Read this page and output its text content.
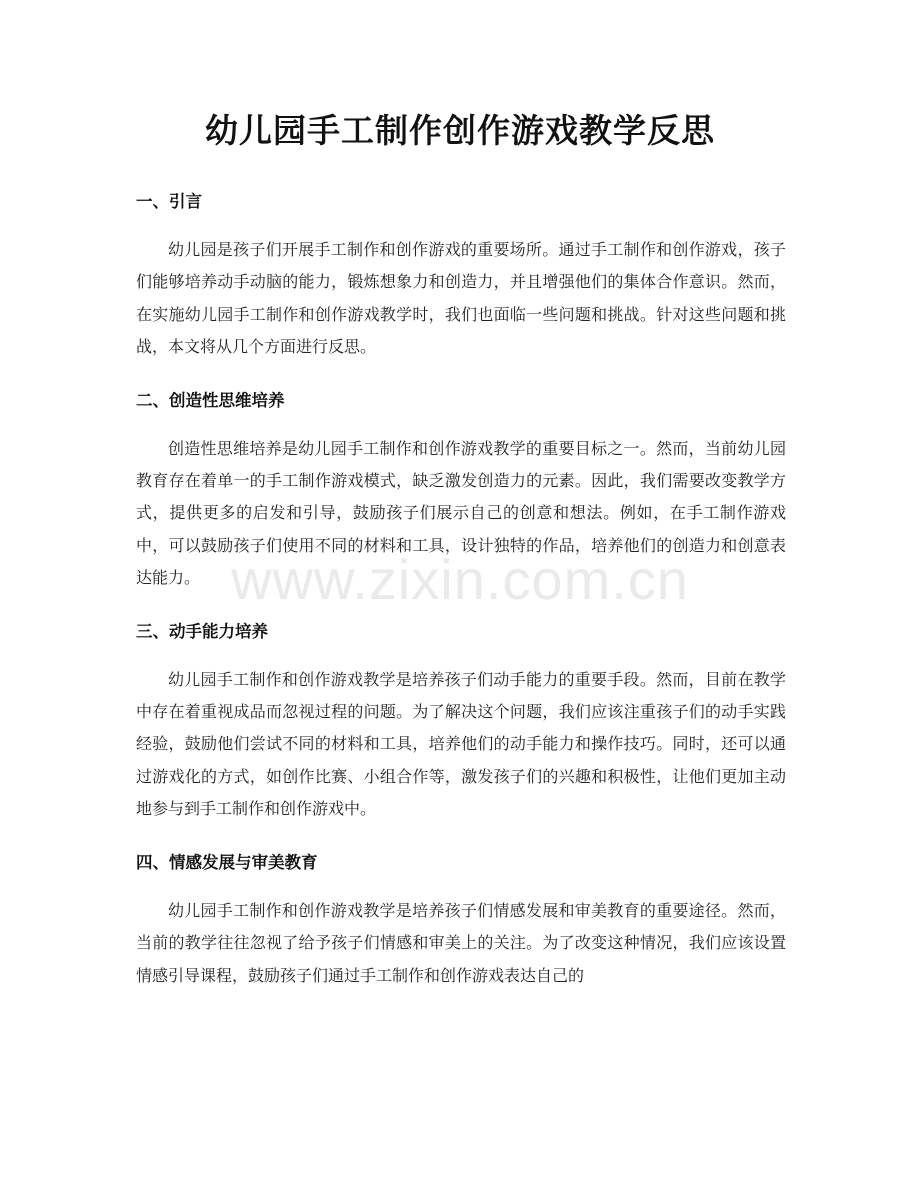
幼儿园手工制作创作游戏教学反思
一、引言

幼儿园是孩子们开展手工制作和创作游戏的重要场所。通过手工制作和创作游戏，孩子们能够培养动手动脑的能力，锻炼想象力和创造力，并且增强他们的集体合作意识。然而，在实施幼儿园手工制作和创作游戏教学时，我们也面临一些问题和挑战。针对这些问题和挑战，本文将从几个方面进行反思。

二、创造性思维培养

创造性思维培养是幼儿园手工制作和创作游戏教学的重要目标之一。然而，当前幼儿园教育存在着单一的手工制作游戏模式，缺乏激发创造力的元素。因此，我们需要改变教学方式，提供更多的启发和引导，鼓励孩子们展示自己的创意和想法。例如，在手工制作游戏中，可以鼓励孩子们使用不同的材料和工具，设计独特的作品，培养他们的创造力和创意表达能力。

三、动手能力培养

幼儿园手工制作和创作游戏教学是培养孩子们动手能力的重要手段。然而，目前在教学中存在着重视成品而忽视过程的问题。为了解决这个问题，我们应该注重孩子们的动手实践经验，鼓励他们尝试不同的材料和工具，培养他们的动手能力和操作技巧。同时，还可以通过游戏化的方式，如创作比赛、小组合作等，激发孩子们的兴趣和积极性，让他们更加主动地参与到手工制作和创作游戏中。

四、情感发展与审美教育

幼儿园手工制作和创作游戏教学是培养孩子们情感发展和审美教育的重要途径。然而，当前的教学往往忽视了给予孩子们情感和审美上的关注。为了改变这种情况，我们应该设置情感引导课程，鼓励孩子们通过手工制作和创作游戏表达自己的

www.zixin.com.cn
